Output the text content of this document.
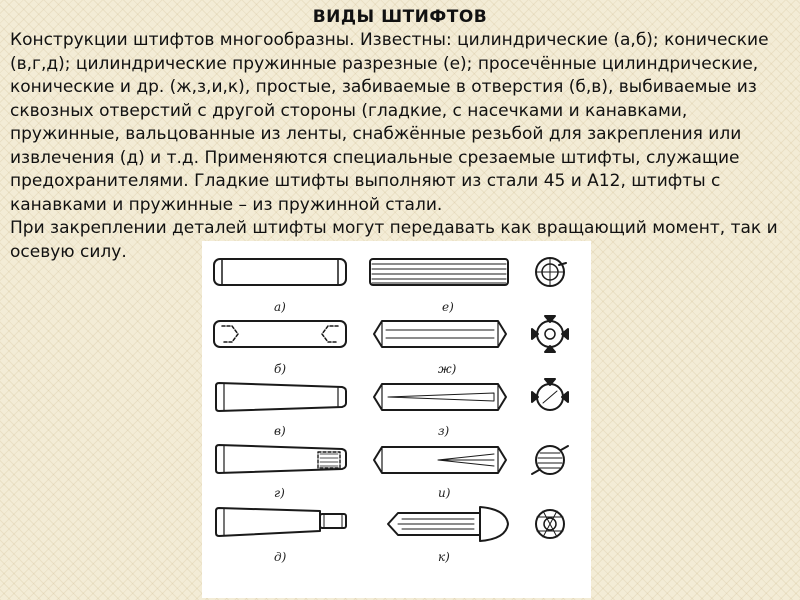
ВИДЫ ШТИФТОВ

Конструкции штифтов многообразны. Известны: цилиндрические (а,б); конические (в,г,д); цилиндрические пружинные разрезные (е); просечённые цилиндрические, конические и др. (ж,з,и,к), простые, забиваемые в отверстия (б,в), выбиваемые из сквозных отверстий с другой стороны (гладкие, с насечками и канавками, пружинные, вальцованные из ленты, снабжённые резьбой для закрепления или извлечения (д) и т.д. Применяются специальные срезаемые штифты, служащие предохранителями. Гладкие штифты выполняют из стали 45 и А12, штифты с канавками и пружинные – из пружинной стали.

При закреплении деталей штифты могут передавать как вращающий момент, так и осевую силу.

а)	е)
б)	ж)
в)	з)
г)	и)
д)	к)
